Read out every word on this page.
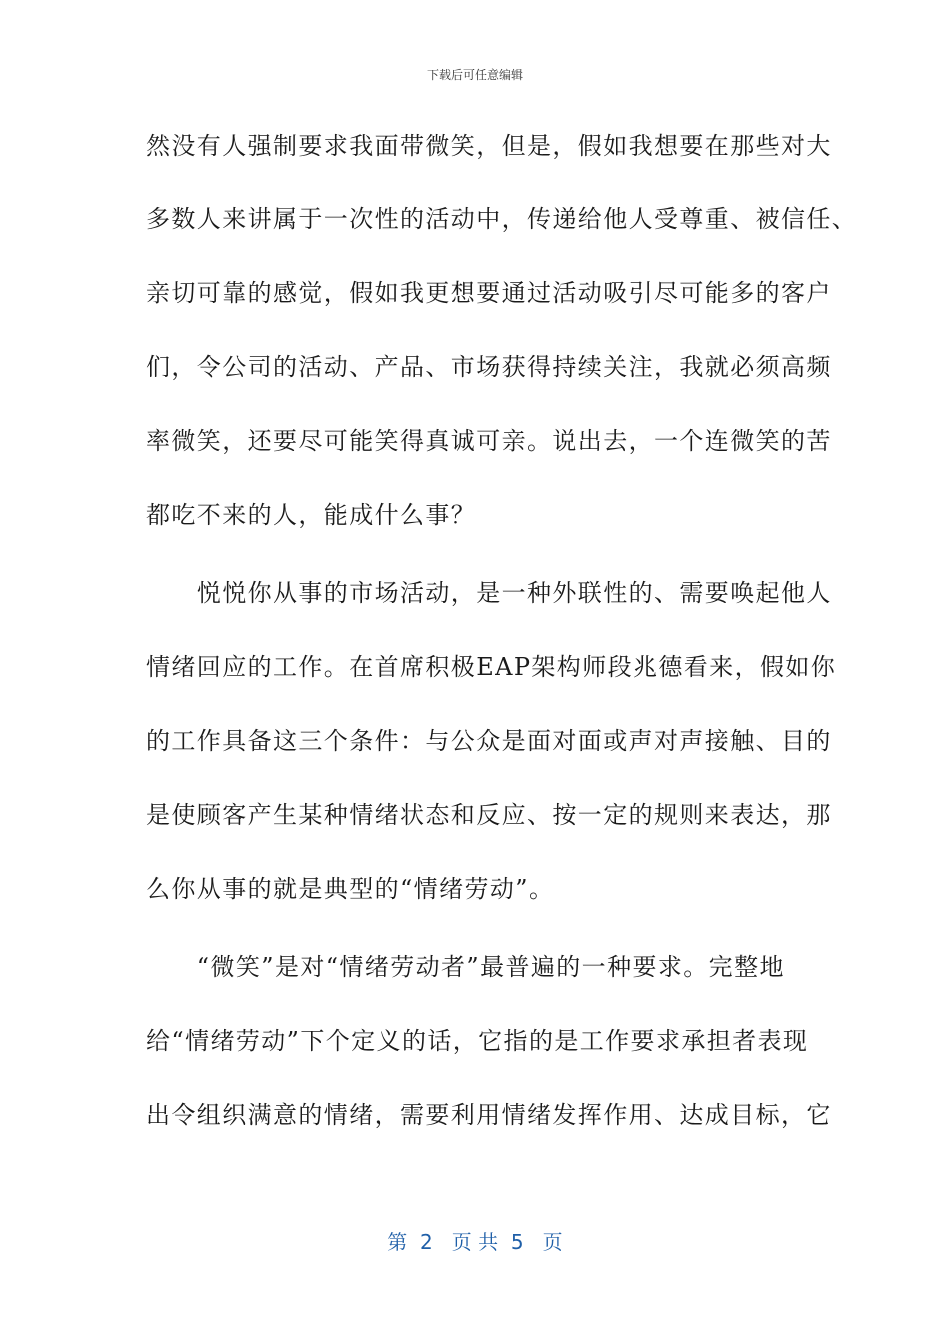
下载后可任意编辑
然没有人强制要求我面带微笑，但是，假如我想要在那些对大
多数人来讲属于一次性的活动中，传递给他人受尊重、被信任、
亲切可靠的感觉，假如我更想要通过活动吸引尽可能多的客户
们，令公司的活动、产品、市场获得持续关注，我就必须高频
率微笑，还要尽可能笑得真诚可亲。说出去，一个连微笑的苦
都吃不来的人，能成什么事？
　　悦悦你从事的市场活动，是一种外联性的、需要唤起他人
情绪回应的工作。在首席积极EAP架构师段兆德看来，假如你
的工作具备这三个条件：与公众是面对面或声对声接触、目的
是使顾客产生某种情绪状态和反应、按一定的规则来表达，那
么你从事的就是典型的“情绪劳动”。
　　“微笑”是对“情绪劳动者”最普遍的一种要求。完整地
给“情绪劳动”下个定义的话，它指的是工作要求承担者表现
出令组织满意的情绪，需要利用情绪发挥作用、达成目标，它
第  2   页 共  5   页
